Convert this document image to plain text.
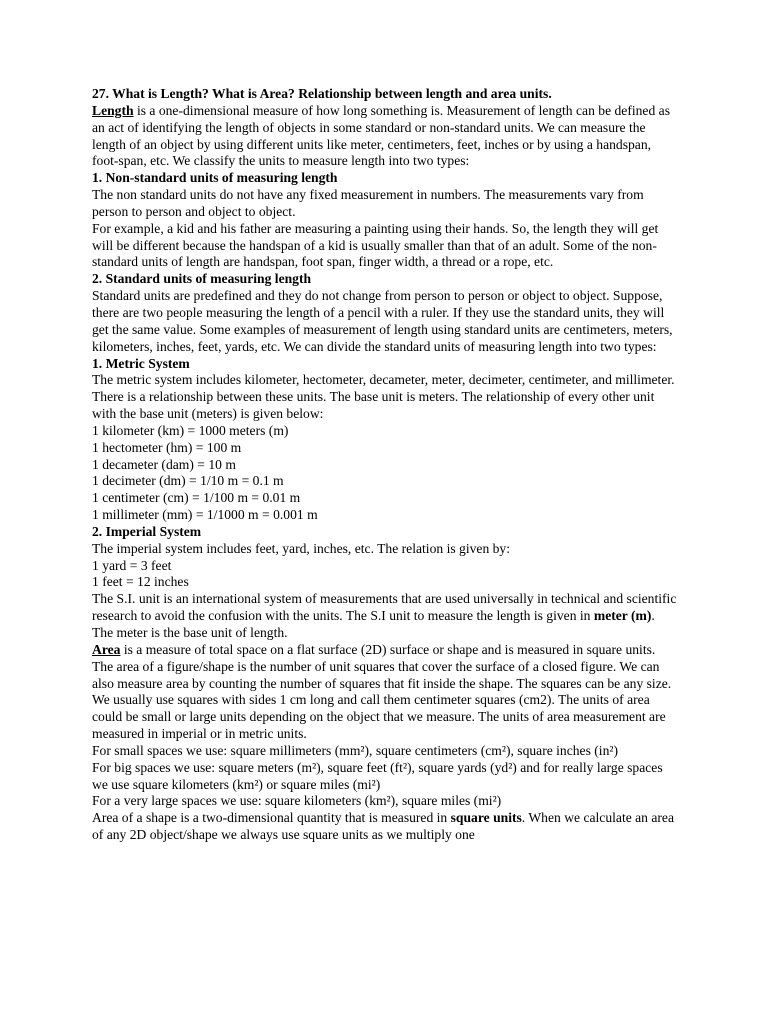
27. What is Length? What is Area? Relationship between length and area units.

Length is a one-dimensional measure of how long something is. Measurement of length can be defined as an act of identifying the length of objects in some standard or non-standard units. We can measure the length of an object by using different units like meter, centimeters, feet, inches or by using a handspan, foot-span, etc. We classify the units to measure length into two types:

1. Non-standard units of measuring length

The non standard units do not have any fixed measurement in numbers. The measurements vary from person to person and object to object.

For example, a kid and his father are measuring a painting using their hands. So, the length they will get will be different because the handspan of a kid is usually smaller than that of an adult. Some of the non-standard units of length are handspan, foot span, finger width, a thread or a rope, etc.

2. Standard units of measuring length

Standard units are predefined and they do not change from person to person or object to object. Suppose, there are two people measuring the length of a pencil with a ruler. If they use the standard units, they will get the same value. Some examples of measurement of length using standard units are centimeters, meters, kilometers, inches, feet, yards, etc. We can divide the standard units of measuring length into two types:

1. Metric System

The metric system includes kilometer, hectometer, decameter, meter, decimeter, centimeter, and millimeter. There is a relationship between these units. The base unit is meters. The relationship of every other unit with the base unit (meters) is given below:

1 kilometer (km) = 1000 meters (m)

1 hectometer (hm) = 100 m

1 decameter (dam) = 10 m

1 decimeter (dm) = 1/10 m = 0.1 m

1 centimeter (cm) = 1/100 m = 0.01 m

1 millimeter (mm) = 1/1000 m = 0.001 m

2. Imperial System

The imperial system includes feet, yard, inches, etc. The relation is given by:

1 yard = 3 feet

1 feet = 12 inches

The S.I. unit is an international system of measurements that are used universally in technical and scientific research to avoid the confusion with the units. The S.I unit to measure the length is given in meter (m). The meter is the base unit of length.

Area is a measure of total space on a flat surface (2D) surface or shape and is measured in square units. The area of a figure/shape is the number of unit squares that cover the surface of a closed figure. We can also measure area by counting the number of squares that fit inside the shape. The squares can be any size. We usually use squares with sides 1 cm long and call them centimeter squares (cm2). The units of area could be small or large units depending on the object that we measure. The units of area measurement are measured in imperial or in metric units.

For small spaces we use: square millimeters (mm²), square centimeters (cm²), square inches (in²)

For big spaces we use: square meters (m²), square feet (ft²), square yards (yd²) and for really large spaces we use square kilometers (km²) or square miles (mi²)

For a very large spaces we use: square kilometers (km²), square miles (mi²)

Area of a shape is a two-dimensional quantity that is measured in square units. When we calculate an area of any 2D object/shape we always use square units as we multiply one
